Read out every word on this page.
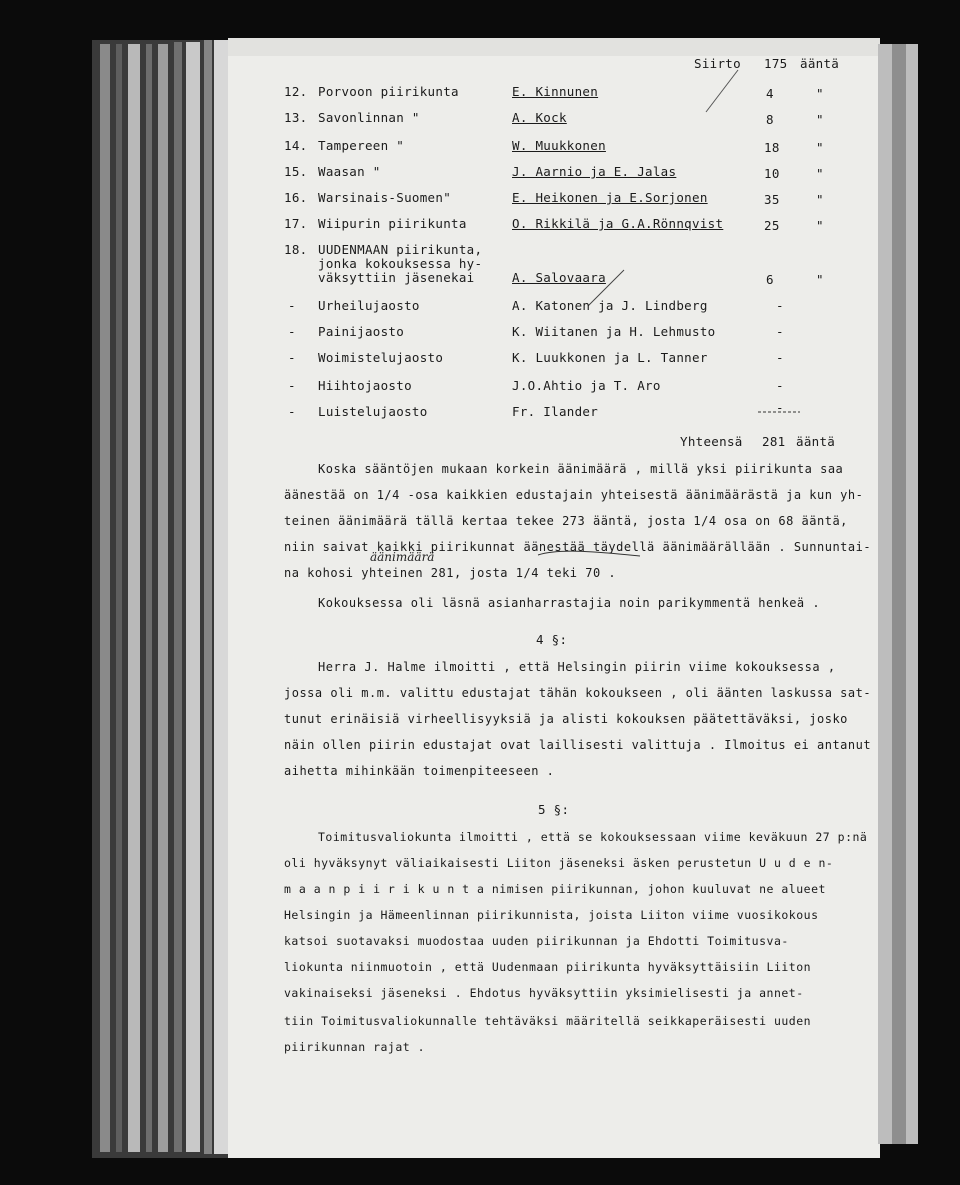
Siirto 175 ääntä
12. Porvoon piirikunta	E. Kinnunen	4	"
13. Savonlinnan "	A. Kock	8	"
14. Tampereen "	W. Muukkonen	18	"
15. Waasan "	J. Aarnio ja E. Jalas	10	"
16. Warsinais-Suomen"	E. Heikonen ja E.Sorjonen	35	"
17. Wiipurin piirikunta	O. Rikkilä ja G.A.Rönnqvist	25	"
18. UUDENMAAN piirikunta,
jonka kokouksessa hy-
väksyttiin jäsenekai	A. Salovaara	6	"
- Urheilujaosto	A. Katonen ja J. Lindberg	-
- Painijaosto	K. Wiitanen ja H. Lehmusto	-
- Woimistelujaosto	K. Luukkonen ja L. Tanner	-
- Hiihtojaosto	J.O.Ahtio ja T. Aro	-
- Luistelujaosto	Fr. Ilander	-
Yhteensä 281 ääntä
Koska sääntöjen mukaan korkein äänimäärä , millä yksi piirikunta saa
äänestää on 1/4 -osa kaikkien edustajain yhteisestä äänimäärästä ja kun yh-
teinen äänimäärä tällä kertaa tekee 273 ääntä, josta 1/4 osa on 68 ääntä,
niin saivat kaikki piirikunnat äänestää täydellä äänimäärällään . Sunnuntai-
äänimäärä
na kohosi yhteinen 281, josta 1/4 teki 70 .
Kokouksessa oli läsnä asianharrastajia noin parikymmentä henkeä .
4 §:
Herra J. Halme ilmoitti , että Helsingin piirin viime kokouksessa ,
jossa oli m.m. valittu edustajat tähän kokoukseen , oli äänten laskussa sat-
tunut erinäisiä virheellisyyksiä ja alisti kokouksen päätettäväksi, josko
näin ollen piirin edustajat ovat laillisesti valittuja . Ilmoitus ei antanut
aihetta mihinkään toimenpiteeseen .
5 §:
Toimitusvaliokunta ilmoitti , että se kokouksessaan viime keväkuun 27 p:nä
oli hyväksynyt väliaikaisesti Liiton jäseneksi äsken perustetun U u d e n-
m a a n p i i r i k u n t a nimisen piirikunnan, johon kuuluvat ne alueet
Helsingin ja Hämeenlinnan piirikunnista, joista Liiton viime vuosikokous
katsoi suotavaksi muodostaa uuden piirikunnan ja Ehdotti Toimitusva-
liokunta niinmuotoin , että Uudenmaan piirikunta hyväksyttäisiin Liiton
vakinaiseksi jäseneksi . Ehdotus hyväksyttiin yksimielisesti ja annet-
tiin Toimitusvaliokunnalle tehtäväksi määritellä seikkaperäisesti uuden
piirikunnan rajat .
